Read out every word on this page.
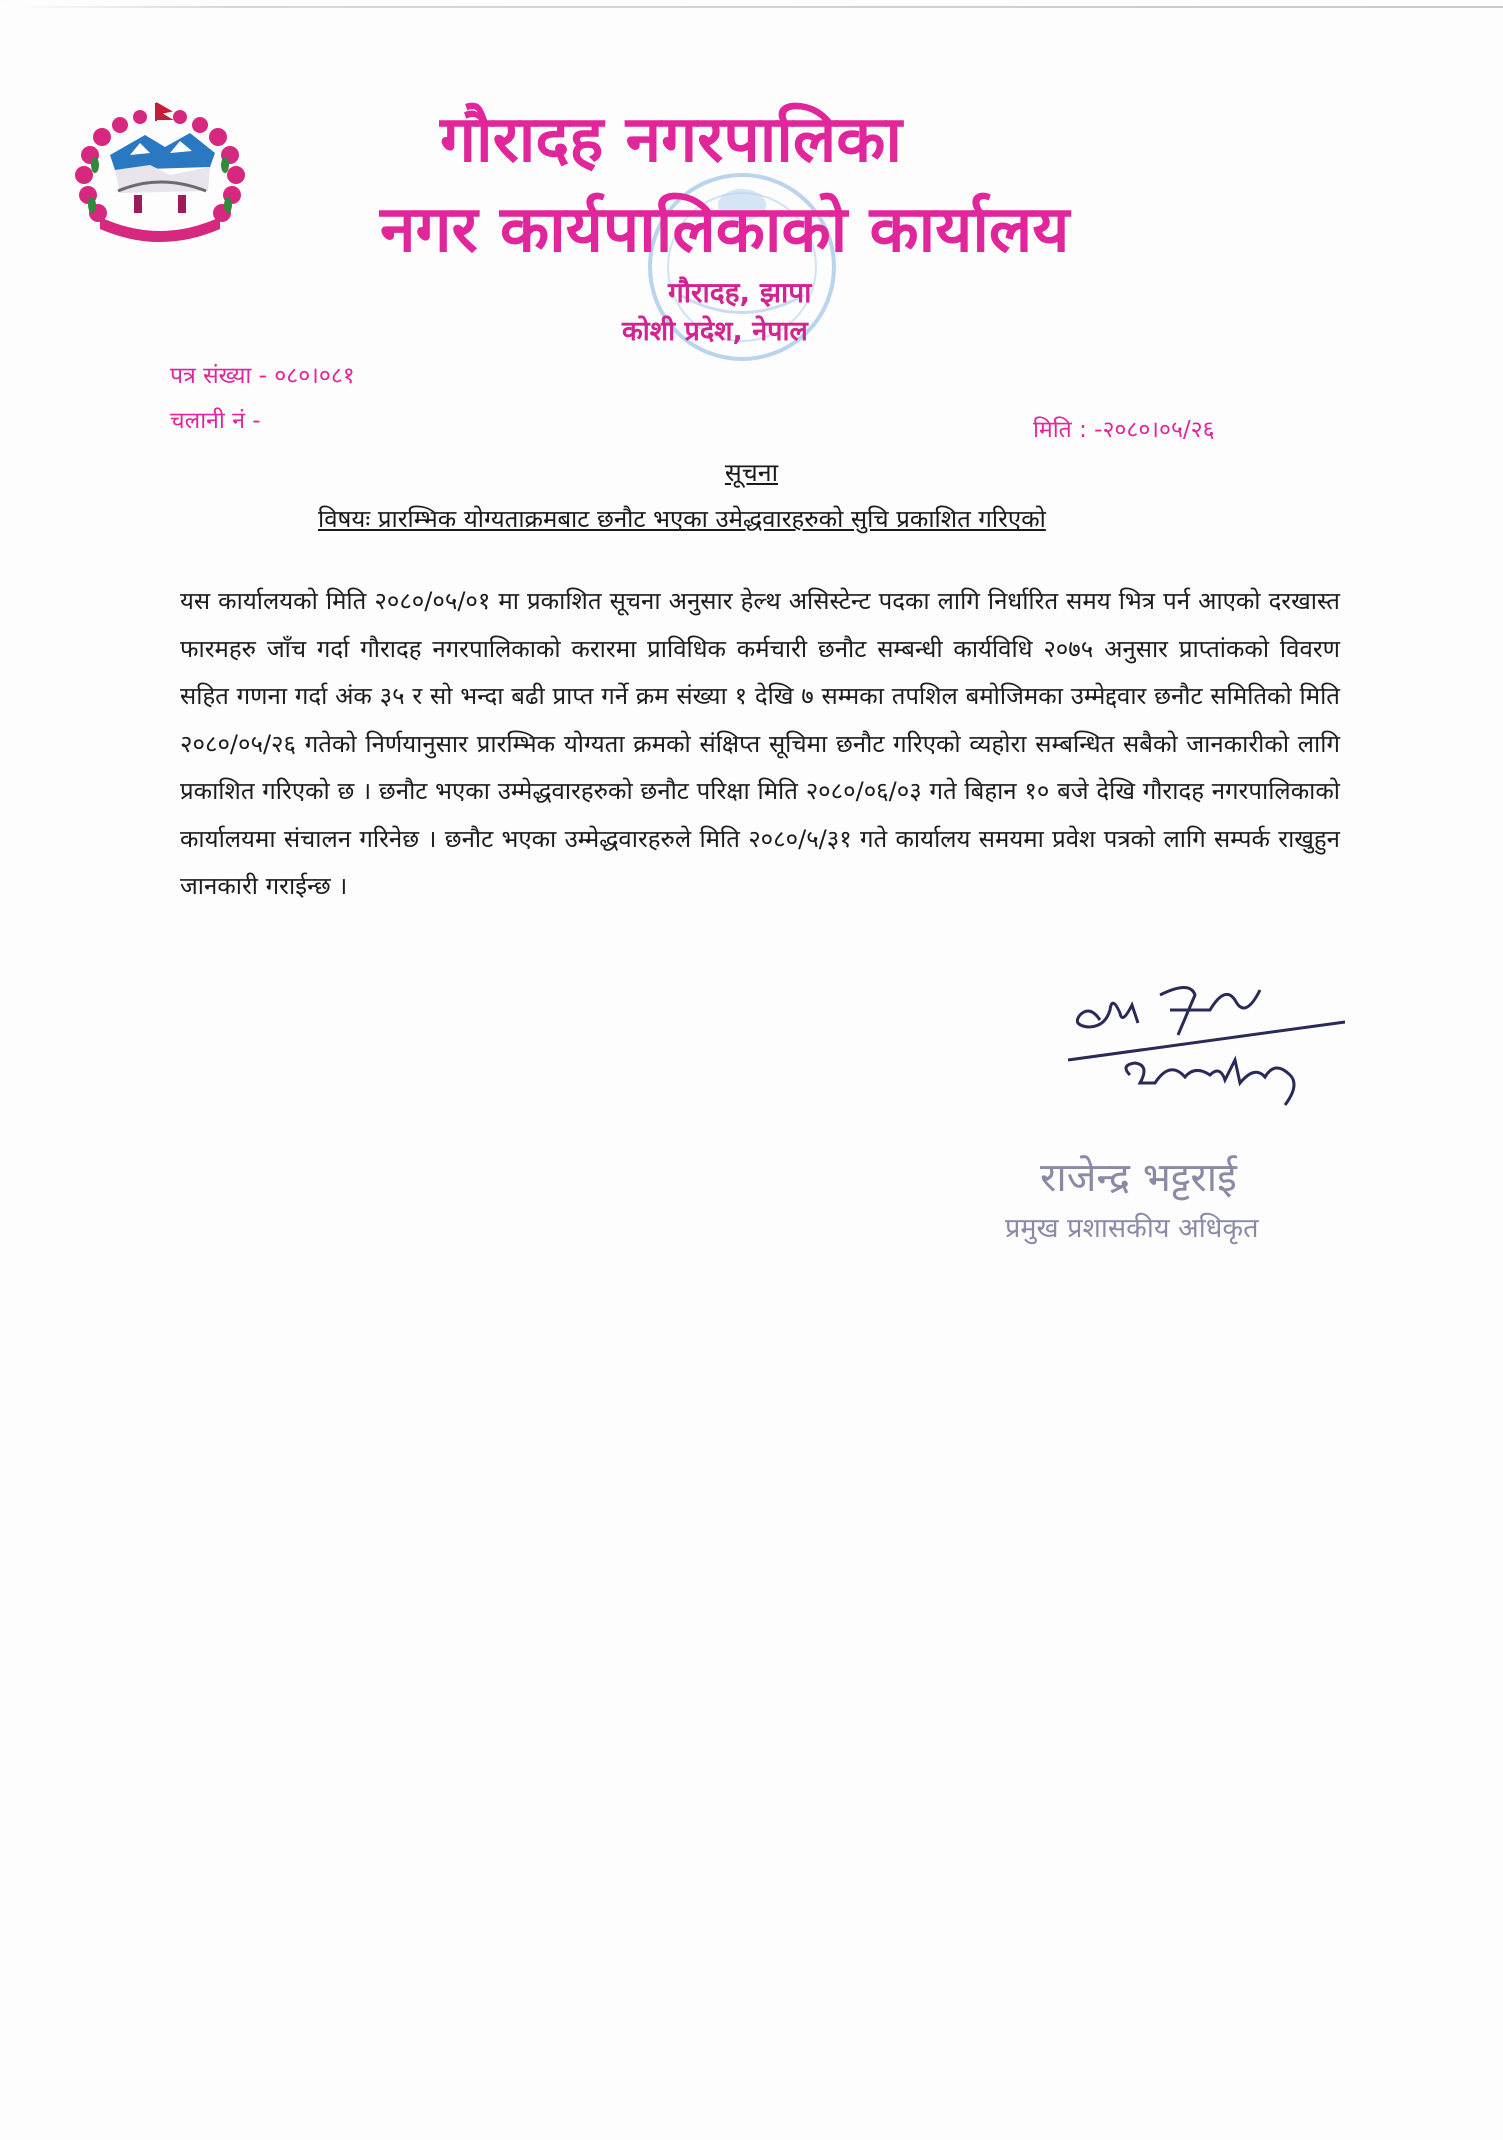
गौरादह नगरपालिका
नगर कार्यपालिकाको कार्यालय
गौरादह, झापा
कोशी प्रदेश, नेपाल
पत्र संख्या - ०८०।०८१
चलानी नं -	मिति : -२०८०।०५/२६
सूचना
विषयः प्रारम्भिक योग्यताक्रमबाट छनौट भएका उमेद्धवारहरुको सुचि प्रकाशित गरिएको
यस कार्यालयको मिति २०८०/०५/०१ मा प्रकाशित सूचना अनुसार हेल्थ असिस्टेन्ट पदका लागि निर्धारित समय भित्र पर्न आएको दरखास्त फारमहरु जाँच गर्दा गौरादह नगरपालिकाको करारमा प्राविधिक कर्मचारी छनौट सम्बन्धी कार्यविधि २०७५ अनुसार प्राप्तांकको विवरण सहित गणना गर्दा अंक ३५ र सो भन्दा बढी प्राप्त गर्ने क्रम संख्या १ देखि ७ सम्मका तपशिल बमोजिमका उम्मेद्दवार छनौट समितिको मिति २०८०/०५/२६ गतेको निर्णयानुसार प्रारम्भिक योग्यता क्रमको संक्षिप्त सूचिमा छनौट गरिएको व्यहोरा सम्बन्धित सबैको जानकारीको लागि प्रकाशित गरिएको छ । छनौट भएका उम्मेद्धवारहरुको छनौट परिक्षा मिति २०८०/०६/०३ गते बिहान १० बजे देखि गौरादह नगरपालिकाको कार्यालयमा संचालन गरिनेछ । छनौट भएका उम्मेद्धवारहरुले मिति २०८०/५/३१ गते कार्यालय समयमा प्रवेश पत्रको लागि सम्पर्क राखुहुन जानकारी गराईन्छ ।
राजेन्द्र भट्टराई
प्रमुख प्रशासकीय अधिकृत
